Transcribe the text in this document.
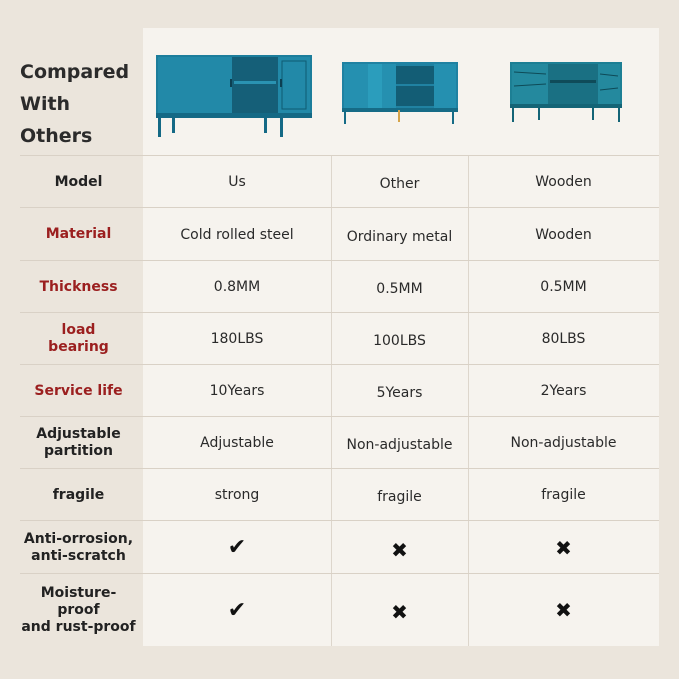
Compared
With Others
Model	Us	Other	Wooden
Material	Cold rolled steel	Ordinary metal	Wooden
Thickness	0.8MM	0.5MM	0.5MM
load
bearing	180LBS	100LBS	80LBS
Service life	10Years	5Years	2Years
Adjustable
partition	Adjustable	Non-adjustable	Non-adjustable
fragile	strong	fragile	fragile
Anti-orrosion,
anti-scratch	✔	✖	✖
Moisture-proof
and rust-proof
✔	✖	✖
